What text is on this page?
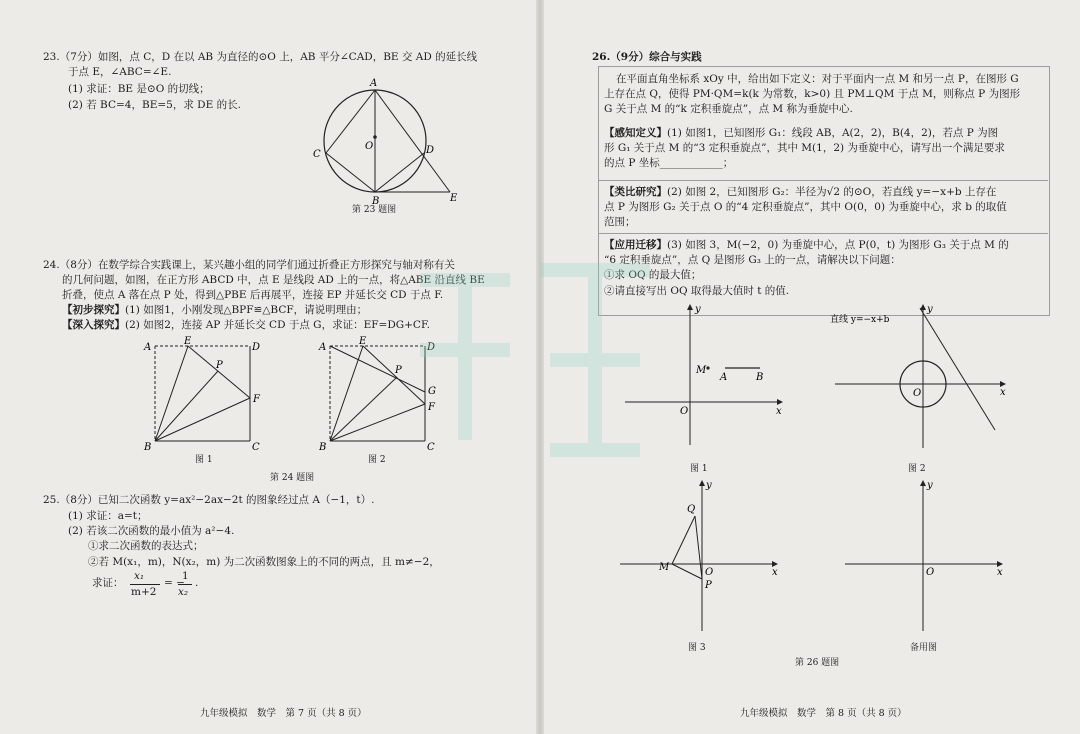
23.（7分）如图，点 C，D 在以 AB 为直径的⊙O 上，AB 平分∠CAD，BE 交 AD 的延长线
于点 E，∠ABC=∠E.
(1) 求证：BE 是⊙O 的切线；
(2) 若 BC=4，BE=5，求 DE 的长.
A
O
C	D
B	E
第 23 题图
24.（8分）在数学综合实践课上，某兴趣小组的同学们通过折叠正方形探究与轴对称有关
的几何问题，如图，在正方形 ABCD 中，点 E 是线段 AD 上的一点，将△ABE 沿直线 BE
折叠，使点 A 落在点 P 处，得到△PBE 后再展平，连接 EP 并延长交 CD 于点 F.
【初步探究】(1) 如图1，小刚发现△BPF≌△BCF，请说明理由；
【深入探究】(2) 如图2，连接 AP 并延长交 CD 于点 G，求证：EF=DG+CF.
A
E
D
P
F
B	C
图 1
A
E
D
P
G
F
B	C
图 2
第 24 题图
25.（8分）已知二次函数 y=ax²−2ax−2t 的图象经过点 A（−1，t）.
(1) 求证：a=t；
(2) 若该二次函数的最小值为 a²−4.
①求二次函数的表达式；
②若 M(x₁，m)，N(x₂，m) 为二次函数图象上的不同的两点，且 m≠−2，
求证：
x₁
m+2
= −
1
x₂
.
九年级模拟　数学　第 7 页（共 8 页）
26.（9分）综合与实践
在平面直角坐标系 xOy 中，给出如下定义：对于平面内一点 M 和另一点 P，在图形 G
上存在点 Q，使得 PM·QM=k(k 为常数，k>0) 且 PM⊥QM 于点 M，则称点 P 为图形
G 关于点 M 的“k 定积垂旋点”，点 M 称为垂旋中心.
【感知定义】(1) 如图1，已知图形 G₁：线段 AB，A(2，2)，B(4，2)，若点 P 为图
形 G₁ 关于点 M 的“3 定积垂旋点”，其中 M(1，2) 为垂旋中心，请写出一个满足要求
的点 P 坐标____________；
【类比研究】(2) 如图 2，已知图形 G₂：半径为√2 的⊙O，若直线 y=−x+b 上存在
点 P 为图形 G₂ 关于点 O 的“4 定积垂旋点”，其中 O(0，0) 为垂旋中心，求 b 的取值
范围；
【应用迁移】(3) 如图 3，M(−2，0) 为垂旋中心，点 P(0，t) 为图形 G₃ 关于点 M 的
“6 定积垂旋点”，点 Q 是图形 G₃ 上的一点，请解决以下问题：
①求 OQ 的最大值；
②请直接写出 OQ 取得最大值时 t 的值.
x
y
O
M
A	B
图 1
直线 y=−x+b
x
y
O
图 2
x
y
O
Q
M
P
图 3
x
y
O
备用图
第 26 题图
九年级模拟　数学　第 8 页（共 8 页）
